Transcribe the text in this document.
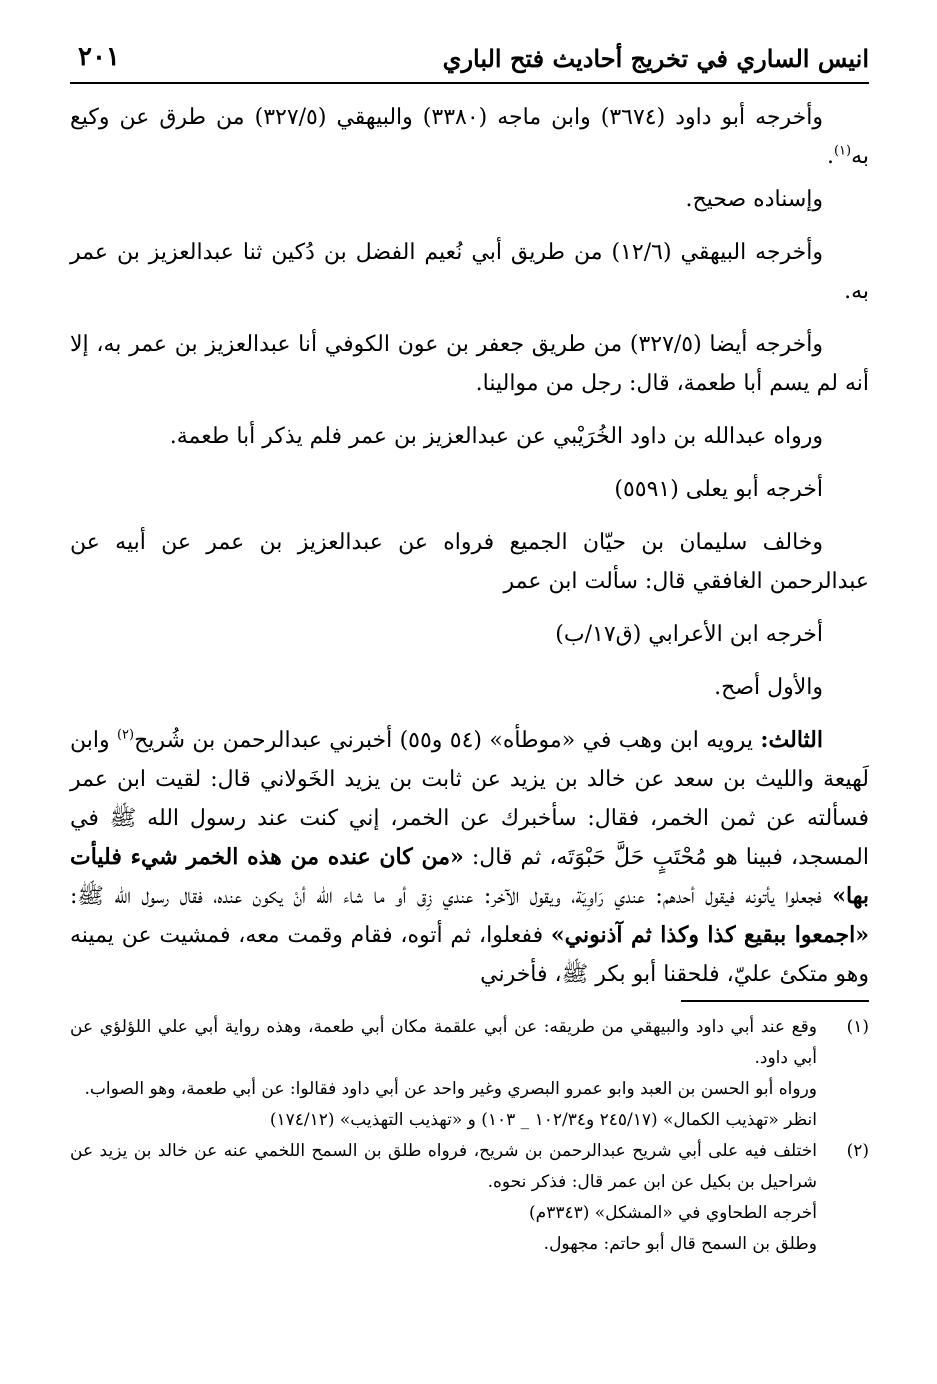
انيس الساري في تخريج أحاديث فتح الباري
٢٠١

وأخرجه أبو داود (٣٦٧٤) وابن ماجه (٣٣٨٠) والبيهقي (٣٢٧/٥) من طرق عن وكيع به$^{(١)}$.

وإسناده صحيح.

وأخرجه البيهقي (١٢/٦) من طريق أبي نُعيم الفضل بن دُكين ثنا عبدالعزيز بن عمر به.

وأخرجه أيضا (٣٢٧/٥) من طريق جعفر بن عون الكوفي أنا عبدالعزيز بن عمر به، إلا أنه لم يسم أبا طعمة، قال: رجل من موالينا.

ورواه عبدالله بن داود الخُرَيْبي عن عبدالعزيز بن عمر فلم يذكر أبا طعمة.

أخرجه أبو يعلى (٥٥٩١)

وخالف سليمان بن حيّان الجميع فرواه عن عبدالعزيز بن عمر عن أبيه عن عبدالرحمن الغافقي قال: سألت ابن عمر

أخرجه ابن الأعرابي (ق١٧/ب)

والأول أصح.

الثالث: يرويه ابن وهب في «موطأه» (٥٤ و٥٥) أخبرني عبدالرحمن بن شُريح$^{(٢)}$ وابن لَهيعة والليث بن سعد عن خالد بن يزيد عن ثابت بن يزيد الخَولاني قال: لقيت ابن عمر فسألته عن ثمن الخمر، فقال: سأخبرك عن الخمر، إني كنت عند رسول الله ﷺ في المسجد، فبينا هو مُحْتَبٍ حَلَّ حَبْوَتَه، ثم قال: «من كان عنده من هذه الخمر شيء فليأت بها» فجعلوا يأتونه فيقول أحدهم: عندي رَاوِيَة، ويقول الآخر: عندي زِق أو ما شاء الله أنْ يكون عنده، فقال رسول الله ﷺ: «اجمعوا ببقيع كذا وكذا ثم آذنوني» ففعلوا، ثم أتوه، فقام وقمت معه، فمشيت عن يمينه وهو متكئ عليّ، فلحقنا أبو بكر ﷺ، فأخرني

(١)

وقع عند أبي داود والبيهقي من طريقه: عن أبي علقمة مكان أبي طعمة، وهذه رواية أبي علي اللؤلؤي عن أبي داود.

ورواه أبو الحسن بن العبد وابو عمرو البصري وغير واحد عن أبي داود فقالوا: عن أبي طعمة، وهو الصواب.

انظر «تهذيب الكمال» (٢٤٥/١٧ و١٠٢/٣٤ _ ١٠٣) و «تهذيب التهذيب» (١٧٤/١٢)

(٢)

اختلف فيه على أبي شريح عبدالرحمن بن شريح، فرواه طلق بن السمح اللخمي عنه عن خالد بن يزيد عن شراحيل بن بكيل عن ابن عمر قال: فذكر نحوه.

أخرجه الطحاوي في «المشكل» (٣٣٤٣م)

وطلق بن السمح قال أبو حاتم: مجهول.
